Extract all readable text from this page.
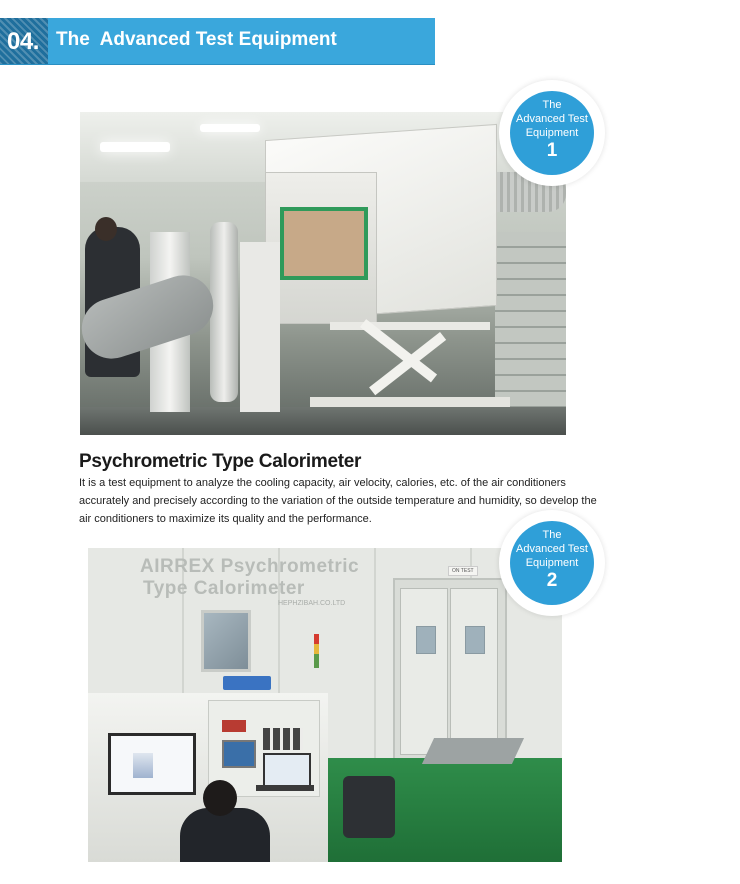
04. The  Advanced Test Equipment
The
Advanced Test
Equipment
1
Psychrometric Type Calorimeter
It is a test equipment to analyze the cooling capacity, air velocity, calories, etc. of the air conditioners accurately and precisely according to the variation of the outside temperature and humidity, so develop the air conditioners to maximize its quality and the performance.
AIRREX Psychrometric
Type Calorimeter
HEPHZIBAH.CO.LTD
ON TEST
The
Advanced Test
Equipment
2
